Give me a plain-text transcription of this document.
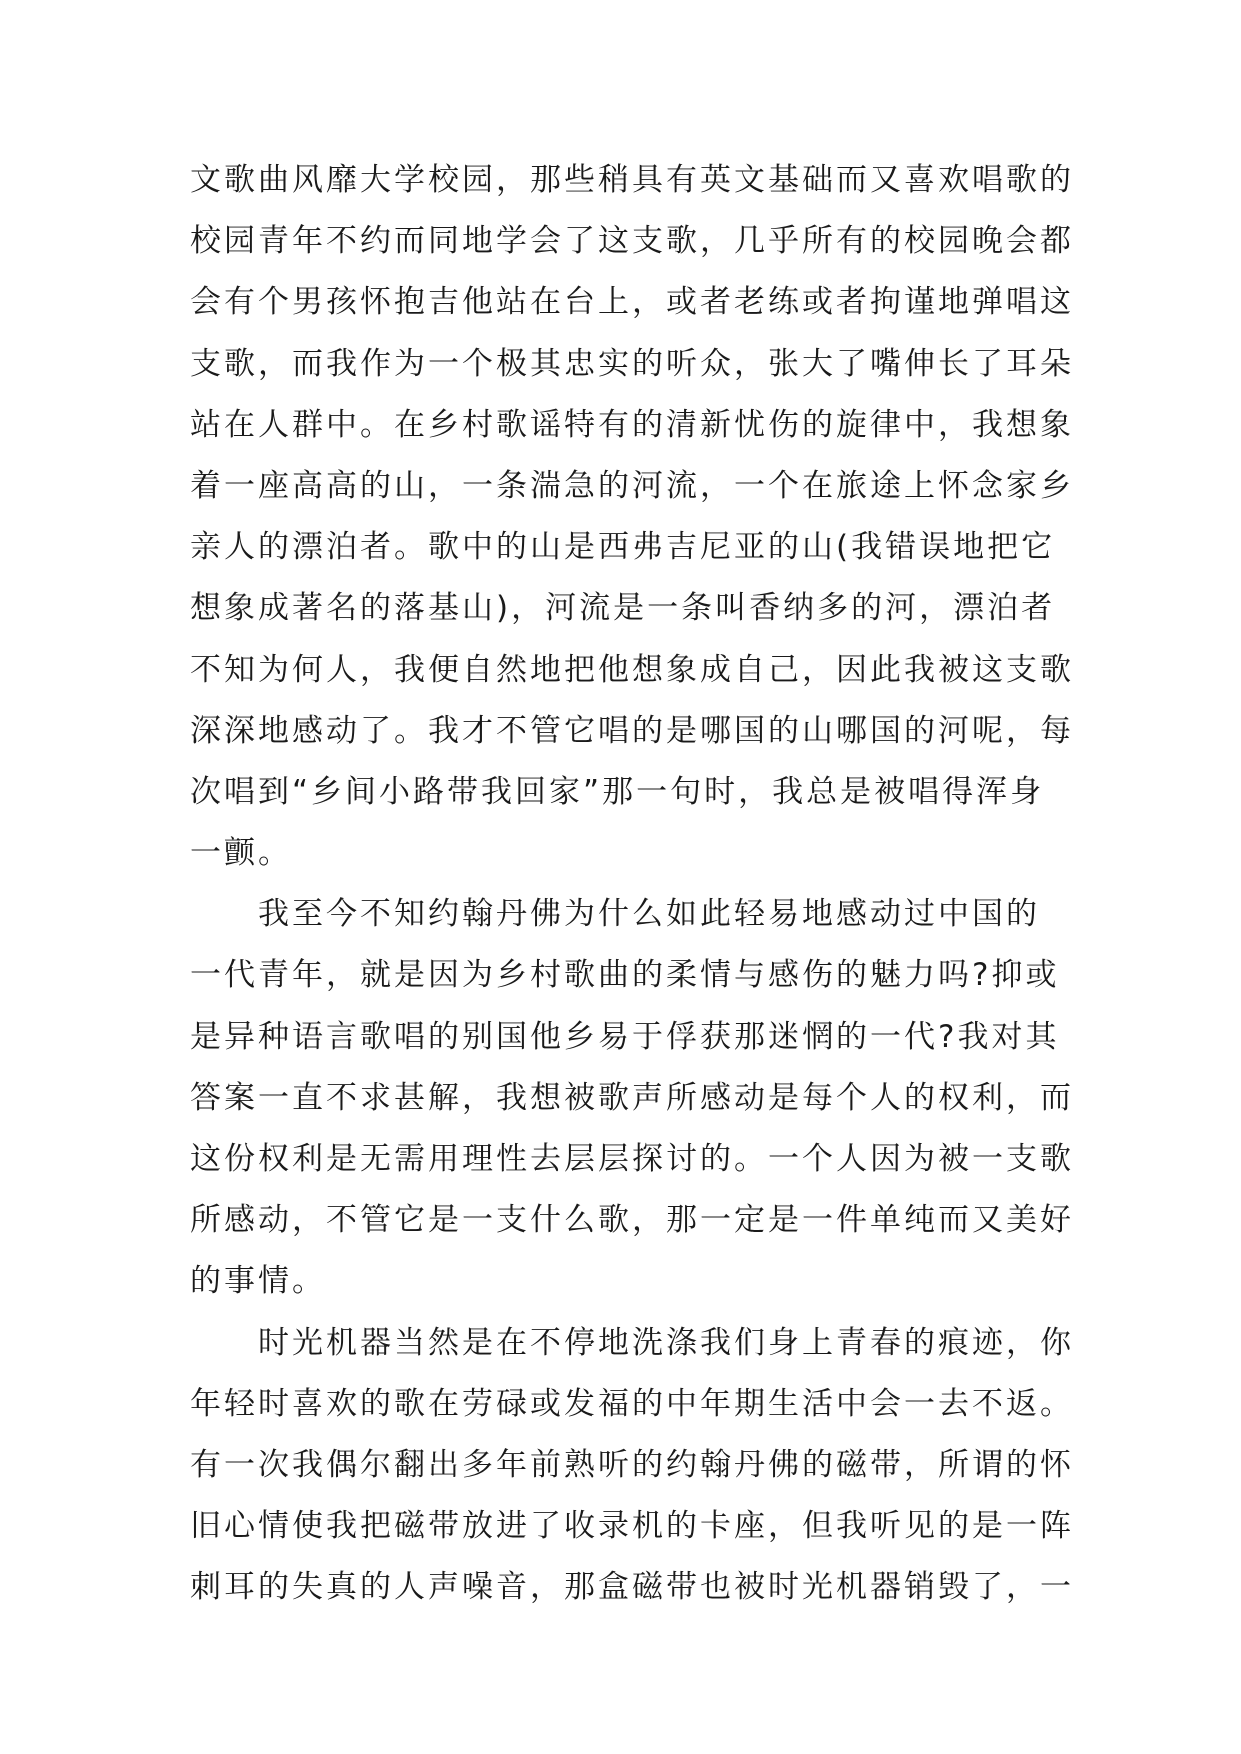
文歌曲风靡大学校园，那些稍具有英文基础而又喜欢唱歌的
校园青年不约而同地学会了这支歌，几乎所有的校园晚会都
会有个男孩怀抱吉他站在台上，或者老练或者拘谨地弹唱这
支歌，而我作为一个极其忠实的听众，张大了嘴伸长了耳朵
站在人群中。在乡村歌谣特有的清新忧伤的旋律中，我想象
着一座高高的山，一条湍急的河流，一个在旅途上怀念家乡
亲人的漂泊者。歌中的山是西弗吉尼亚的山(我错误地把它
想象成著名的落基山)，河流是一条叫香纳多的河，漂泊者
不知为何人，我便自然地把他想象成自己，因此我被这支歌
深深地感动了。我才不管它唱的是哪国的山哪国的河呢，每
次唱到“乡间小路带我回家”那一句时，我总是被唱得浑身
一颤。
我至今不知约翰丹佛为什么如此轻易地感动过中国的
一代青年，就是因为乡村歌曲的柔情与感伤的魅力吗?抑或
是异种语言歌唱的别国他乡易于俘获那迷惘的一代?我对其
答案一直不求甚解，我想被歌声所感动是每个人的权利，而
这份权利是无需用理性去层层探讨的。一个人因为被一支歌
所感动，不管它是一支什么歌，那一定是一件单纯而又美好
的事情。
时光机器当然是在不停地洗涤我们身上青春的痕迹，你
年轻时喜欢的歌在劳碌或发福的中年期生活中会一去不返。
有一次我偶尔翻出多年前熟听的约翰丹佛的磁带，所谓的怀
旧心情使我把磁带放进了收录机的卡座，但我听见的是一阵
刺耳的失真的人声噪音，那盒磁带也被时光机器销毁了，一
